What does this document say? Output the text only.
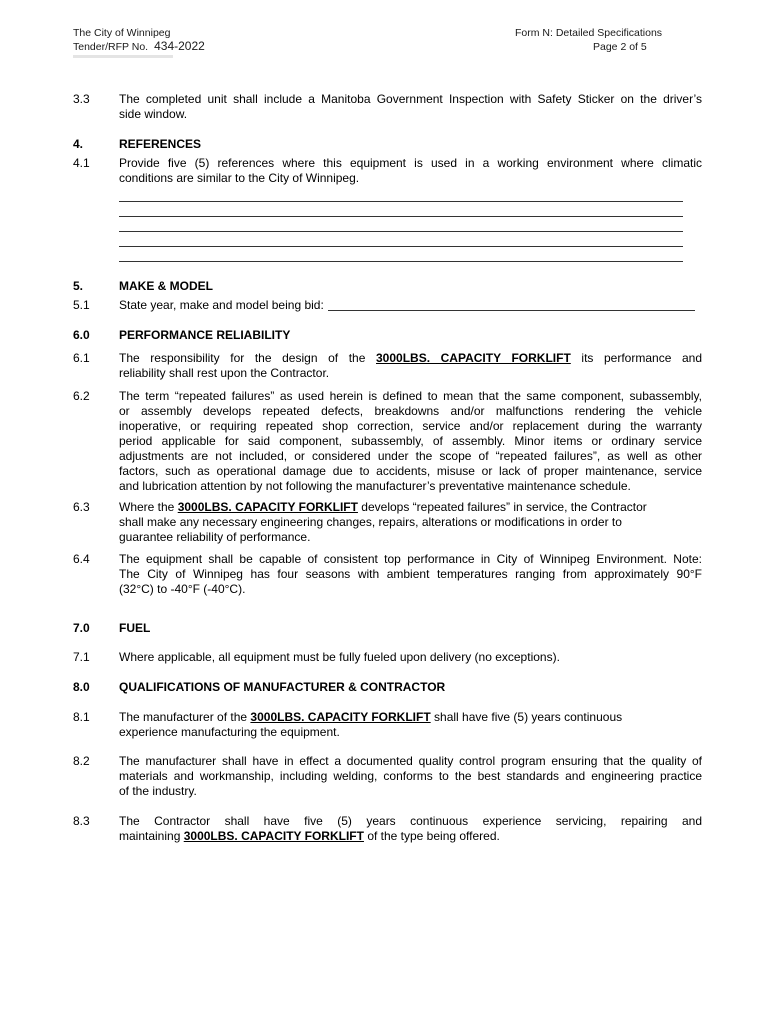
The City of Winnipeg
Tender/RFP No. 434-2022
Form N: Detailed Specifications
Page 2 of 5
3.3 The completed unit shall include a Manitoba Government Inspection with Safety Sticker on the driver’s
side window.
4.	REFERENCES
4.1 Provide five (5) references where this equipment is used in a working environment where climatic
conditions are similar to the City of Winnipeg.
5.	MAKE & MODEL
5.1 State year, make and model being bid:
6.0 PERFORMANCE RELIABILITY
6.1 The responsibility for the design of the 3000LBS. CAPACITY FORKLIFT its performance and
reliability shall rest upon the Contractor.
6.2 The term “repeated failures” as used herein is defined to mean that the same component, subassembly,
or assembly develops repeated defects, breakdowns and/or malfunctions rendering the vehicle
inoperative, or requiring repeated shop correction, service and/or replacement during the warranty
period applicable for said component, subassembly, of assembly. Minor items or ordinary service
adjustments are not included, or considered under the scope of “repeated failures”, as well as other
factors, such as operational damage due to accidents, misuse or lack of proper maintenance, service
and lubrication attention by not following the manufacturer’s preventative maintenance schedule.
6.3 Where the 3000LBS. CAPACITY FORKLIFT develops “repeated failures” in service, the Contractor
shall make any necessary engineering changes, repairs, alterations or modifications in order to
guarantee reliability of performance.
6.4 The equipment shall be capable of consistent top performance in City of Winnipeg Environment. Note:
The City of Winnipeg has four seasons with ambient temperatures ranging from approximately 90°F
(32°C) to -40°F (-40°C).
7.0 FUEL
7.1 Where applicable, all equipment must be fully fueled upon delivery (no exceptions).
8.0 QUALIFICATIONS OF MANUFACTURER & CONTRACTOR
8.1 The manufacturer of the 3000LBS. CAPACITY FORKLIFT shall have five (5) years continuous
experience manufacturing the equipment.
8.2 The manufacturer shall have in effect a documented quality control program ensuring that the quality of
materials and workmanship, including welding, conforms to the best standards and engineering practice
of the industry.
8.3 The Contractor shall have five (5) years continuous experience servicing, repairing and
maintaining 3000LBS. CAPACITY FORKLIFT of the type being offered.
